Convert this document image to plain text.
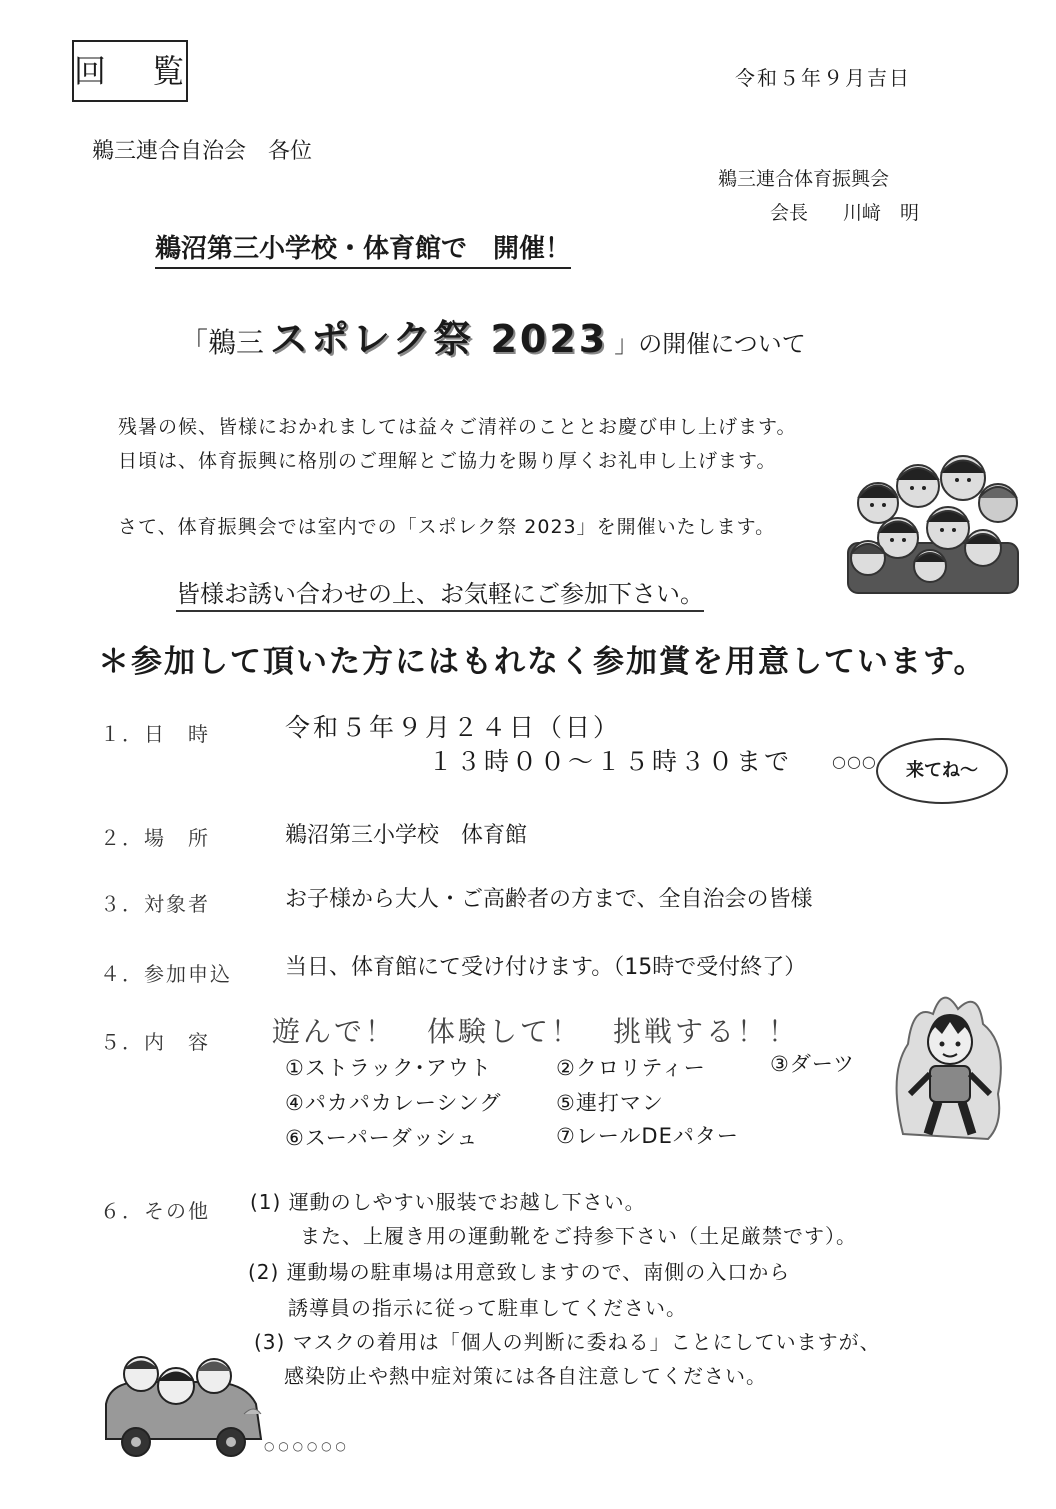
回 覧	令和５年９月吉日
鵜三連合自治会　各位
鵜三連合体育振興会
会長　 川﨑　明
鵜沼第三小学校・体育館で　開催！
「鵜三 スポレク祭 2023 」の開催について
残暑の候、皆様におかれましては益々ご清祥のこととお慶び申し上げます。
日頃は、体育振興に格別のご理解とご協力を賜り厚くお礼申し上げます。
さて、体育振興会では室内での「スポレク祭 2023」を開催いたします。
皆様お誘い合わせの上、お気軽にご参加下さい。
＊参加して頂いた方にはもれなく参加賞を用意しています。
１．日　時	令和５年９月２４日（日）
１３時００～１５時３０まで ○○○	来てね～
２．場　所	鵜沼第三小学校　体育館
３．対象者	お子様から大人・ご高齢者の方まで、全自治会の皆様
４．参加申込 当日、体育館にて受け付けます。（15時で受付終了）
５．内　容 遊んで！　体験して！　挑戦する！！
①ストラック･アウト	②クロリティー	③ダーツ
④パカパカレーシング	⑤連打マン
⑥スーパーダッシュ	⑦レールDEパター
６．その他 (1) 運動のしやすい服装でお越し下さい。
また、上履き用の運動靴をご持参下さい（土足厳禁です）。
(2) 運動場の駐車場は用意致しますので、南側の入口から
誘導員の指示に従って駐車してください。
(3) マスクの着用は「個人の判断に委ねる」ことにしていますが、
感染防止や熱中症対策には各自注意してください。
○ ○ ○ ○ ○ ○
